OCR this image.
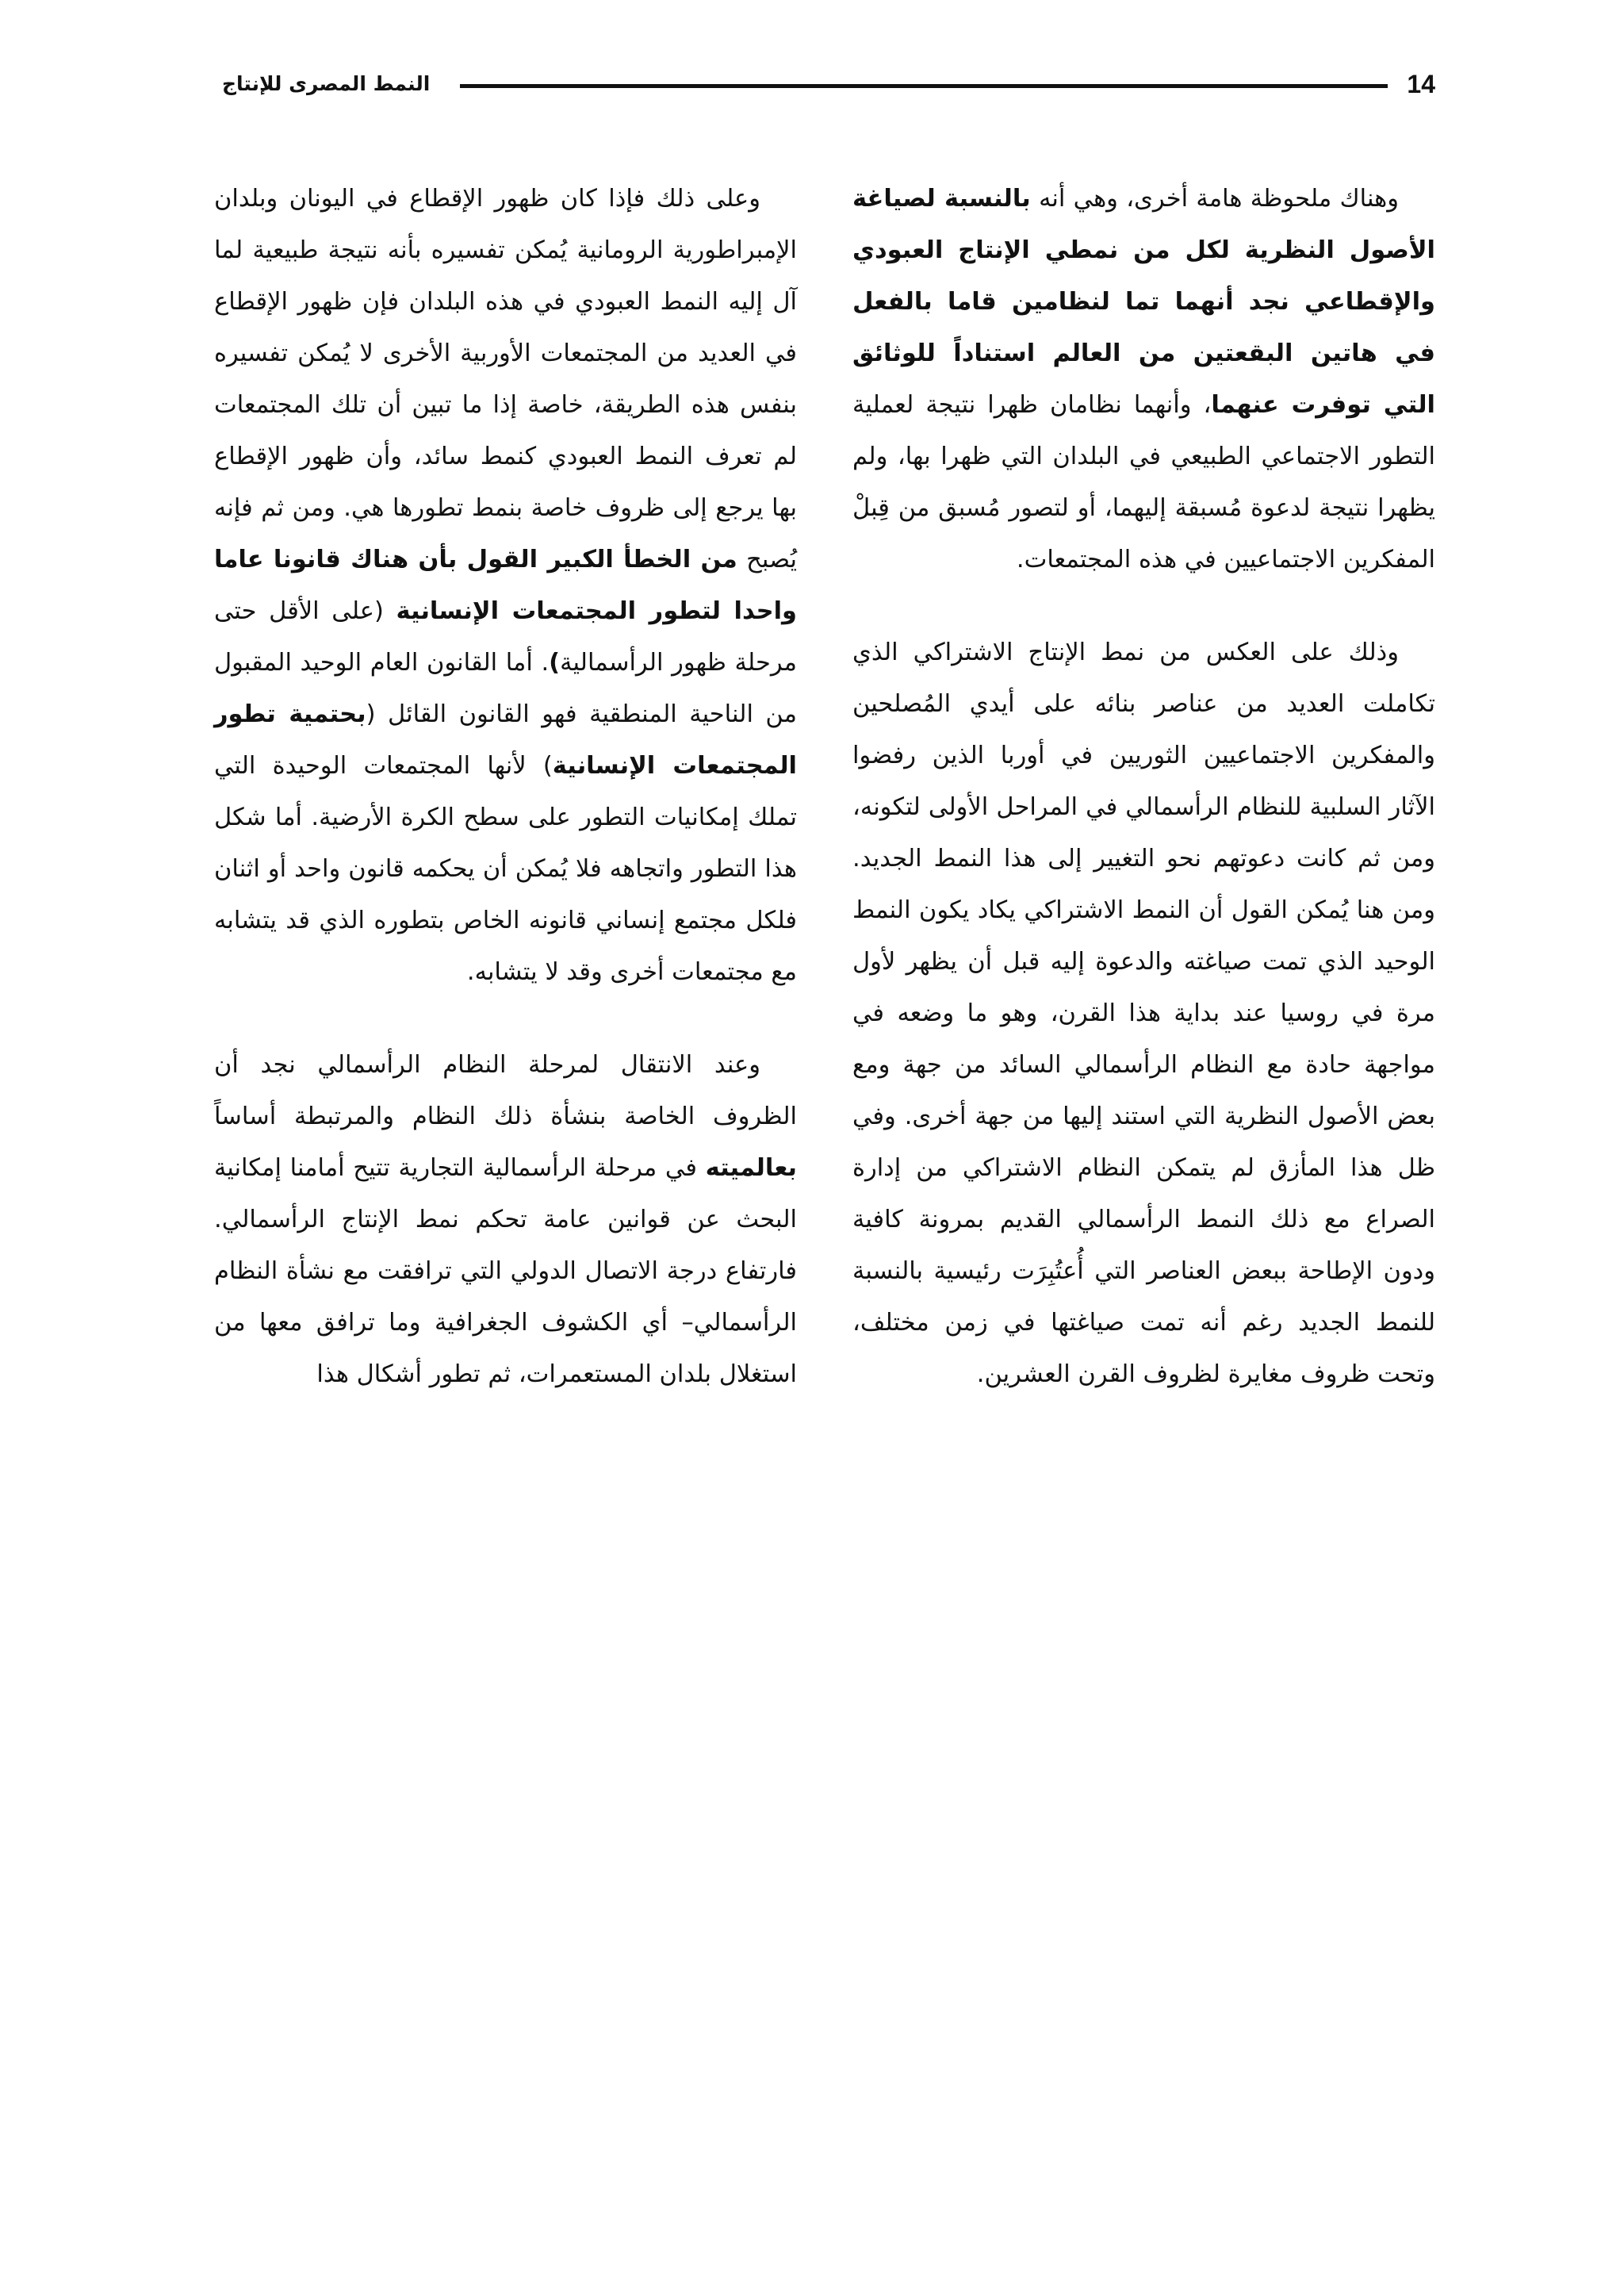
النمط المصرى للإنتاج	14

وهناك ملحوظة هامة أخرى، وهي أنه بالنسبة لصياغة الأصول النظرية لكل من نمطي الإنتاج العبودي والإقطاعي نجد أنهما تما لنظامين قاما بالفعل في هاتين البقعتين من العالم استناداً للوثائق التي توفرت عنهما، وأنهما نظامان ظهرا نتيجة لعملية التطور الاجتماعي الطبيعي في البلدان التي ظهرا بها، ولم يظهرا نتيجة لدعوة مُسبقة إليهما، أو لتصور مُسبق من قِبلْ المفكرين الاجتماعيين في هذه المجتمعات.

وذلك على العكس من نمط الإنتاج الاشتراكي الذي تكاملت العديد من عناصر بنائه على أيدي المُصلحين والمفكرين الاجتماعيين الثوريين في أوربا الذين رفضوا الآثار السلبية للنظام الرأسمالي في المراحل الأولى لتكونه، ومن ثم كانت دعوتهم نحو التغيير إلى هذا النمط الجديد. ومن هنا يُمكن القول أن النمط الاشتراكي يكاد يكون النمط الوحيد الذي تمت صياغته والدعوة إليه قبل أن يظهر لأول مرة في روسيا عند بداية هذا القرن، وهو ما وضعه في مواجهة حادة مع النظام الرأسمالي السائد من جهة ومع بعض الأصول النظرية التي استند إليها من جهة أخرى. وفي ظل هذا المأزق لم يتمكن النظام الاشتراكي من إدارة الصراع مع ذلك النمط الرأسمالي القديم بمرونة كافية ودون الإطاحة ببعض العناصر التي أُعتُبِرَت رئيسية بالنسبة للنمط الجديد رغم أنه تمت صياغتها في زمن مختلف، وتحت ظروف مغايرة لظروف القرن العشرين.

وعلى ذلك فإذا كان ظهور الإقطاع في اليونان وبلدان الإمبراطورية الرومانية يُمكن تفسيره بأنه نتيجة طبيعية لما آل إليه النمط العبودي في هذه البلدان فإن ظهور الإقطاع في العديد من المجتمعات الأوربية الأخرى لا يُمكن تفسيره بنفس هذه الطريقة، خاصة إذا ما تبين أن تلك المجتمعات لم تعرف النمط العبودي كنمط سائد، وأن ظهور الإقطاع بها يرجع إلى ظروف خاصة بنمط تطورها هي. ومن ثم فإنه يُصبح من الخطأ الكبير القول بأن هناك قانونا عاما واحدا لتطور المجتمعات الإنسانية (على الأقل حتى مرحلة ظهور الرأسمالية). أما القانون العام الوحيد المقبول من الناحية المنطقية فهو القانون القائل (بحتمية تطور المجتمعات الإنسانية) لأنها المجتمعات الوحيدة التي تملك إمكانيات التطور على سطح الكرة الأرضية. أما شكل هذا التطور واتجاهه فلا يُمكن أن يحكمه قانون واحد أو اثنان فلكل مجتمع إنساني قانونه الخاص بتطوره الذي قد يتشابه مع مجتمعات أخرى وقد لا يتشابه.

وعند الانتقال لمرحلة النظام الرأسمالي نجد أن الظروف الخاصة بنشأة ذلك النظام والمرتبطة أساساً بعالميته في مرحلة الرأسمالية التجارية تتيح أمامنا إمكانية البحث عن قوانين عامة تحكم نمط الإنتاج الرأسمالي. فارتفاع درجة الاتصال الدولي التي ترافقت مع نشأة النظام الرأسمالي– أي الكشوف الجغرافية وما ترافق معها من استغلال بلدان المستعمرات، ثم تطور أشكال هذا
